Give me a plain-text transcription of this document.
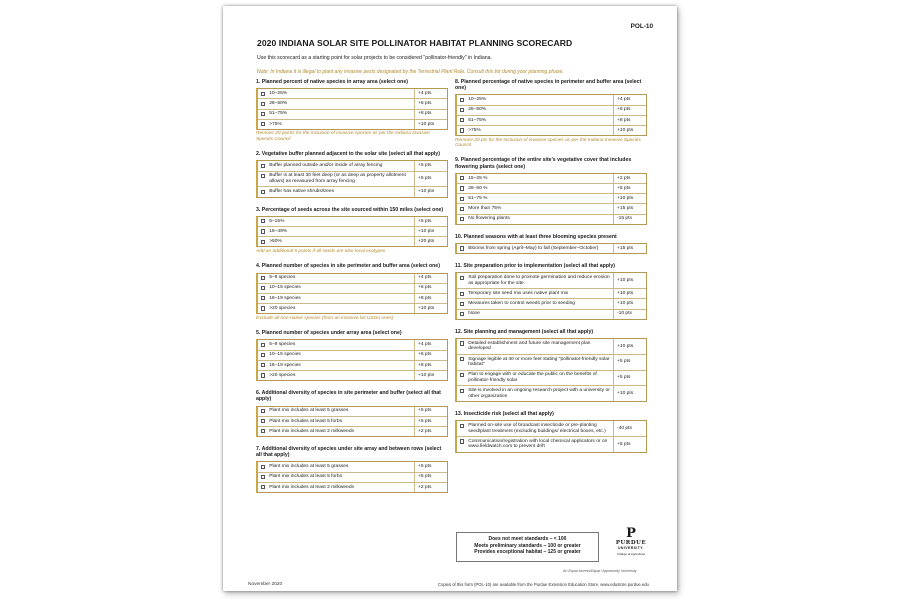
POL-10
2020 INDIANA SOLAR SITE POLLINATOR HABITAT PLANNING SCORECARD
Use this scorecard as a starting point for solar projects to be considered "pollinator-friendly" in Indiana.
Note: In Indiana it is illegal to plant any invasive pests designated by the Terrestrial Plant Rule. Consult this list during your planning phase.
1. Planned percent of native species in array area (select one)
10–25%	+4 pts
26–50%	+6 pts
51–75%	+8 pts
>75%	+10 pts
Remove 20 points for the inclusion of invasive species as per the Indiana Invasive Species Council
2. Vegetative buffer planned adjacent to the solar site (select all that apply)
Buffer planned outside and/or inside of array fencing	+5 pts
Buffer is at least 30 feet deep (or as deep as property allotment allows) as measured from array fencing
+5 pts
Buffer has native shrubs/trees	+10 pts
3. Percentage of seeds across the site sourced within 150 miles (select one)
5–15%	+5 pts
16–49%	+10 pts
>50%	+20 pts
Add an additional 5 points if all seeds are also local ecotypes
4. Planned number of species in site perimeter and buffer area (select one)
5–9 species	+4 pts
10–15 species	+6 pts
16–19 species	+8 pts
>20 species	+10 pts
Exclude all non-native species (from an invasive list USDA ones)
5. Planned number of species under array area (select one)
5–9 species	+4 pts
10–15 species	+6 pts
16–19 species	+8 pts
>20 species	+10 pts
6. Additional diversity of species in site perimeter and buffer (select all that apply)
Plant mix includes at least 5 grasses	+5 pts
Plant mix includes at least 5 forbs	+5 pts
Plant mix includes at least 2 milkweeds	+2 pts
7. Additional diversity of species under site array and between rows (select all that apply)
Plant mix includes at least 5 grasses	+5 pts
Plant mix includes at least 5 forbs	+5 pts
Plant mix includes at least 2 milkweeds	+2 pts
8. Planned percentage of native species in perimeter and buffer area (select one)
10–25%	+4 pts
26–50%	+6 pts
51–75%	+8 pts
>75%	+10 pts
Remove 20 pts for the inclusion of invasive species as per the Indiana Invasive Species Council
9. Planned percentage of the entire site's vegetative cover that includes flowering plants (select one)
15–25 %	+2 pts
26–50 %	+5 pts
51–75 %	+10 pts
More than 75%	+15 pts
No flowering plants	-15 pts
10. Planned seasons with at least three blooming species present
Blooms from spring (April–May) to fall (September–October)	+15 pts
11. Site preparation prior to implementation (select all that apply)
Soil preparation done to promote germination and reduce erosion as appropriate for the site.
+10 pts
Temporary site seed mix uses native plant mix	+10 pts
Measures taken to control weeds prior to seeding	+10 pts
None	-10 pts
12. Site planning and management (select all that apply)
Detailed establishment and future site management plan developed
+10 pts
Signage legible at 40 or more feet stating "pollinator-friendly solar habitat"
+5 pts
Plan to engage with or educate the public on the benefits of pollinator-friendly solar
+5 pts
Site is involved in an ongoing research project with a university or other organization
+10 pts
13. Insecticide risk (select all that apply)
Planned on-site use of broadcast insecticide or pre-planting seed/plant treatment (excluding buildings/ electrical boxes, etc.)
-40 pts
Communication/registration with local chemical applicators or on www.fieldwatch.com to prevent drift
+5 pts
Does not meet standards – < 100
Meets preliminary standards – 100 or greater
Provides exceptional habitat – 125 or greater
P
PURDUE
UNIVERSITY.
College of Agriculture
An Equal Access/Equal Opportunity University
November 2020	Copies of this form (POL-10) are available from the Purdue Extension Education Store, www.edustore.purdue.edu
